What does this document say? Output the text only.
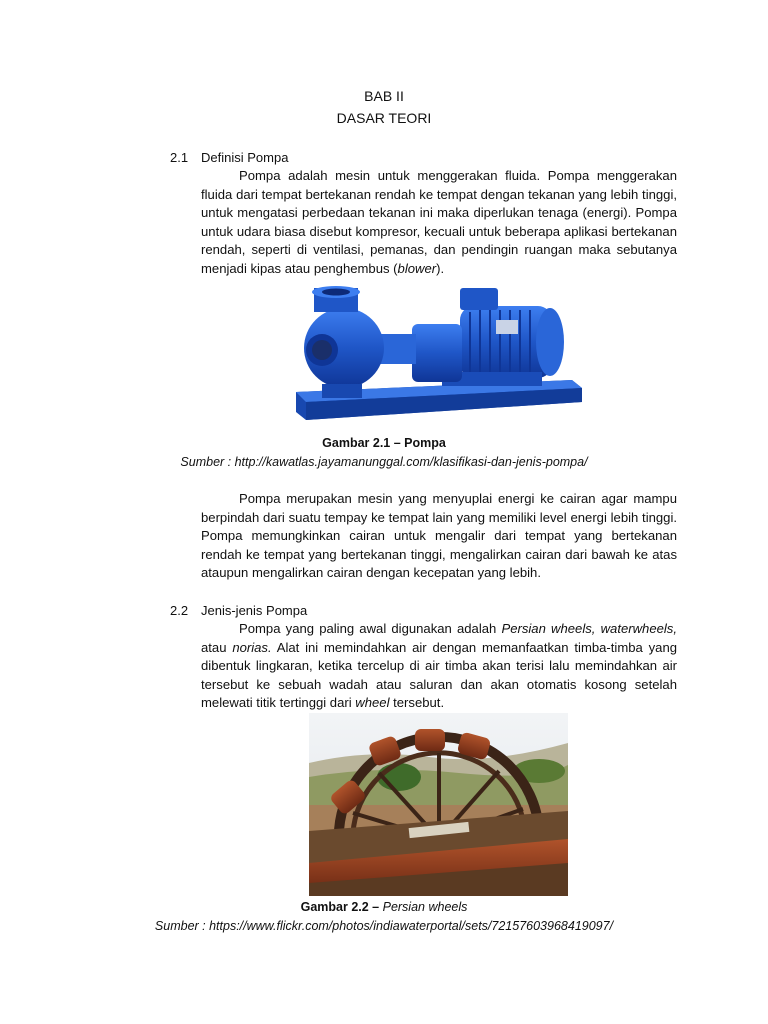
BAB II
DASAR TEORI
2.1 Definisi Pompa

Pompa adalah mesin untuk menggerakan fluida. Pompa menggerakan fluida dari tempat bertekanan rendah ke tempat dengan tekanan yang lebih tinggi, untuk mengatasi perbedaan tekanan ini maka diperlukan tenaga (energi). Pompa untuk udara biasa disebut kompresor, kecuali untuk beberapa aplikasi bertekanan rendah, seperti di ventilasi, pemanas, dan pendingin ruangan maka sebutanya menjadi kipas atau penghembus (blower).

Gambar 2.1 – Pompa
Sumber : http://kawatlas.jayamanunggal.com/klasifikasi-dan-jenis-pompa/

Pompa merupakan mesin yang menyuplai energi ke cairan agar mampu berpindah dari suatu tempay ke tempat lain yang memiliki level energi lebih tinggi. Pompa memungkinkan cairan untuk mengalir dari tempat yang bertekanan rendah ke tempat yang bertekanan tinggi, mengalirkan cairan dari bawah ke atas ataupun mengalirkan cairan dengan kecepatan yang lebih.

2.2 Jenis-jenis Pompa

Pompa yang paling awal digunakan adalah Persian wheels, waterwheels, atau norias. Alat ini memindahkan air dengan memanfaatkan timba-timba yang dibentuk lingkaran, ketika tercelup di air timba akan terisi lalu memindahkan air tersebut ke sebuah wadah atau saluran dan akan otomatis kosong setelah melewati titik tertinggi dari wheel tersebut.

Gambar 2.2 – Persian wheels
Sumber : https://www.flickr.com/photos/indiawaterportal/sets/72157603968419097/
